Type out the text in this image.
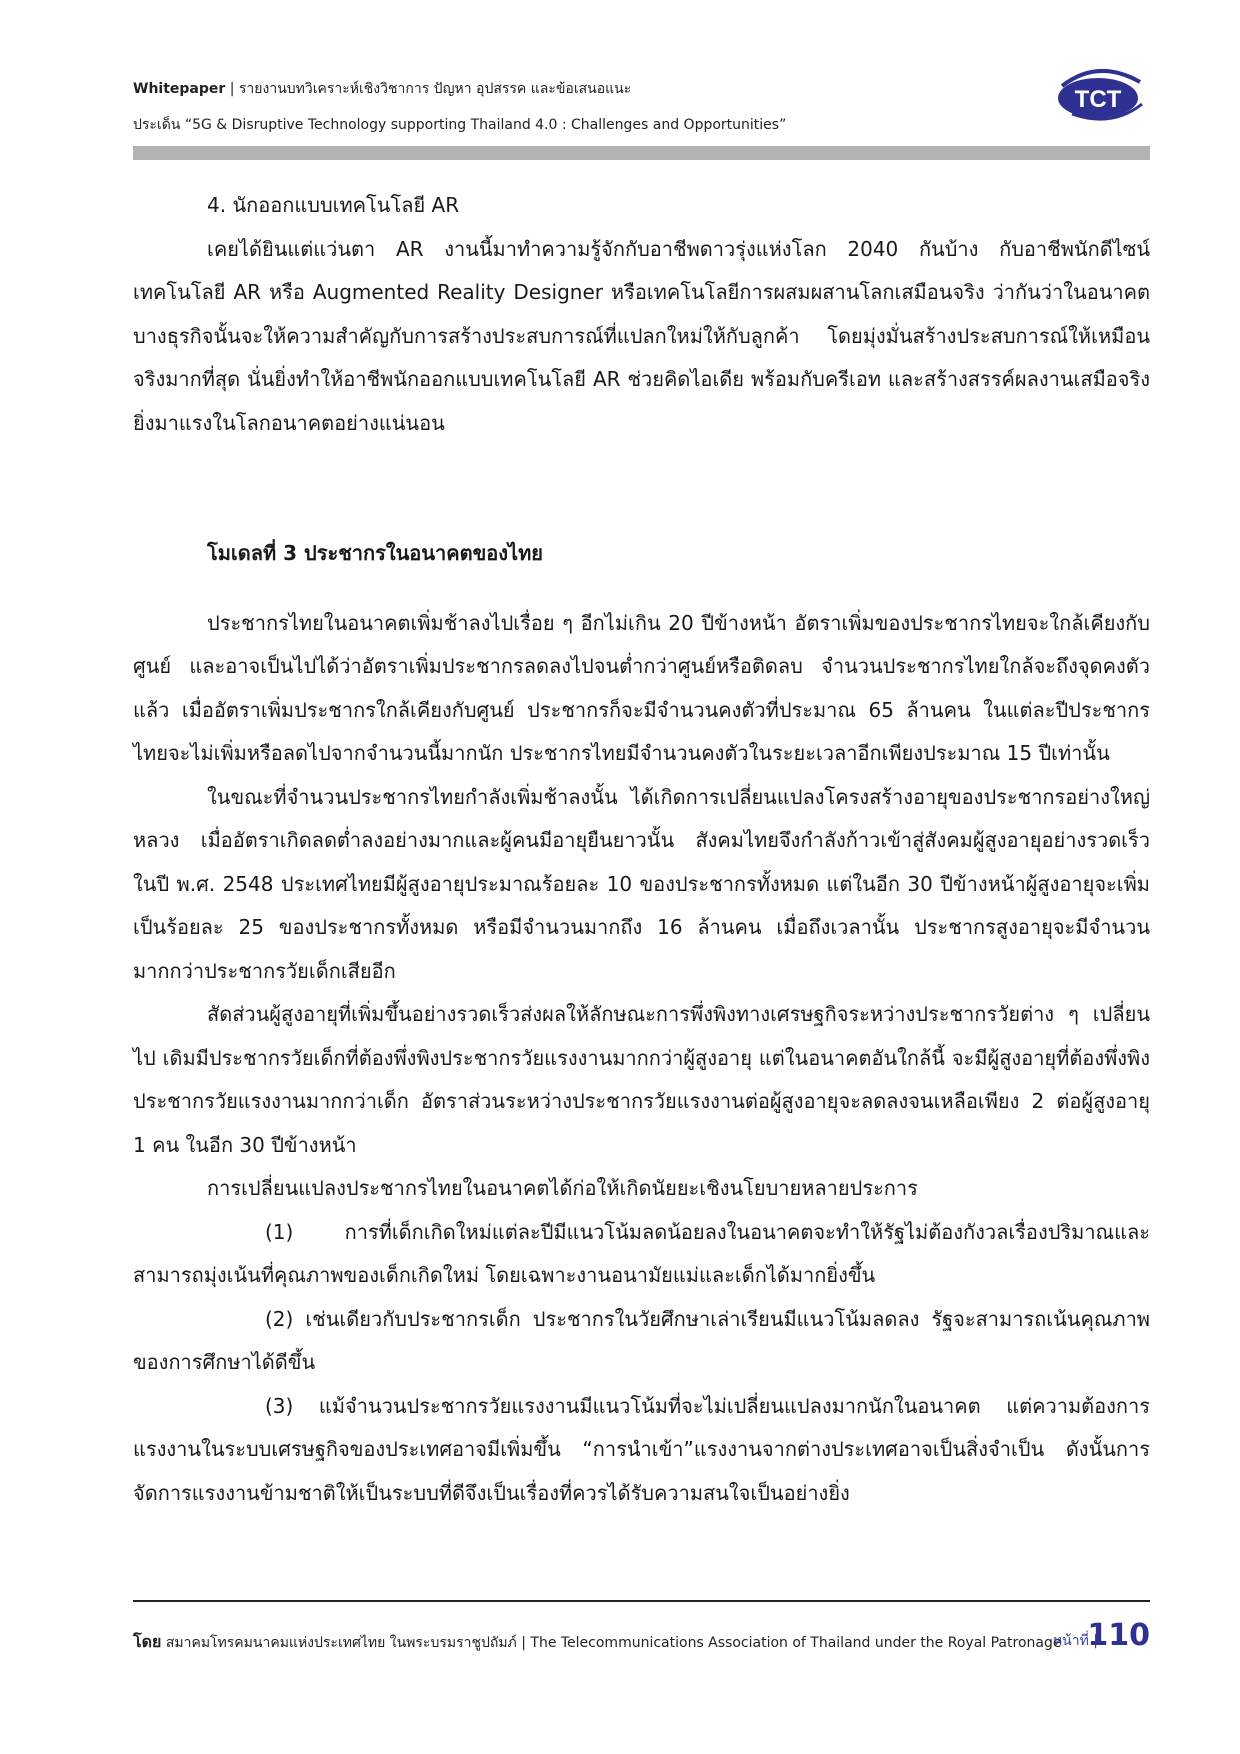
Whitepaper | รายงานบทวิเคราะห์เชิงวิชาการ ปัญหา อุปสรรค และข้อเสนอแนะ
ประเด็น “5G & Disruptive Technology supporting Thailand 4.0 : Challenges and Opportunities”
TCT

4. นักออกแบบเทคโนโลยี AR

เคยได้ยินแต่แว่นตา AR งานนี้มาทำความรู้จักกับอาชีพดาวรุ่งแห่งโลก 2040 กันบ้าง กับอาชีพนักดีไซน์เทคโนโลยี AR หรือ Augmented Reality Designer หรือเทคโนโลยีการผสมผสานโลกเสมือนจริง ว่ากันว่าในอนาคตบางธุรกิจนั้นจะให้ความสำคัญกับการสร้างประสบการณ์ที่แปลกใหม่ให้กับลูกค้า โดยมุ่งมั่นสร้างประสบการณ์ให้เหมือนจริงมากที่สุด นั่นยิ่งทำให้อาชีพนักออกแบบเทคโนโลยี AR ช่วยคิดไอเดีย พร้อมกับครีเอท และสร้างสรรค์ผลงานเสมือจริง ยิ่งมาแรงในโลกอนาคตอย่างแน่นอน

โมเดลที่ 3 ประชากรในอนาคตของไทย

ประชากรไทยในอนาคตเพิ่มช้าลงไปเรื่อย ๆ อีกไม่เกิน 20 ปีข้างหน้า อัตราเพิ่มของประชากรไทยจะใกล้เคียงกับศูนย์ และอาจเป็นไปได้ว่าอัตราเพิ่มประชากรลดลงไปจนต่ำกว่าศูนย์หรือติดลบ จำนวนประชากรไทยใกล้จะถึงจุดคงตัวแล้ว เมื่ออัตราเพิ่มประชากรใกล้เคียงกับศูนย์ ประชากรก็จะมีจำนวนคงตัวที่ประมาณ 65 ล้านคน ในแต่ละปีประชากรไทยจะไม่เพิ่มหรือลดไปจากจำนวนนี้มากนัก ประชากรไทยมีจำนวนคงตัวในระยะเวลาอีกเพียงประมาณ 15 ปีเท่านั้น

ในขณะที่จำนวนประชากรไทยกำลังเพิ่มช้าลงนั้น ได้เกิดการเปลี่ยนแปลงโครงสร้างอายุของประชากรอย่างใหญ่หลวง เมื่ออัตราเกิดลดต่ำลงอย่างมากและผู้คนมีอายุยืนยาวนั้น สังคมไทยจึงกำลังก้าวเข้าสู่สังคมผู้สูงอายุอย่างรวดเร็ว ในปี พ.ศ. 2548 ประเทศไทยมีผู้สูงอายุประมาณร้อยละ 10 ของประชากรทั้งหมด แต่ในอีก 30 ปีข้างหน้าผู้สูงอายุจะเพิ่มเป็นร้อยละ 25 ของประชากรทั้งหมด หรือมีจำนวนมากถึง 16 ล้านคน เมื่อถึงเวลานั้น ประชากรสูงอายุจะมีจำนวนมากกว่าประชากรวัยเด็กเสียอีก

สัดส่วนผู้สูงอายุที่เพิ่มขึ้นอย่างรวดเร็วส่งผลให้ลักษณะการพึ่งพิงทางเศรษฐกิจระหว่างประชากรวัยต่าง ๆ เปลี่ยนไป เดิมมีประชากรวัยเด็กที่ต้องพึ่งพิงประชากรวัยแรงงานมากกว่าผู้สูงอายุ แต่ในอนาคตอันใกล้นี้ จะมีผู้สูงอายุที่ต้องพึ่งพิงประชากรวัยแรงงานมากกว่าเด็ก อัตราส่วนระหว่างประชากรวัยแรงงานต่อผู้สูงอายุจะลดลงจนเหลือเพียง 2 ต่อผู้สูงอายุ 1 คน ในอีก 30 ปีข้างหน้า

การเปลี่ยนแปลงประชากรไทยในอนาคตได้ก่อให้เกิดนัยยะเชิงนโยบายหลายประการ

(1) การที่เด็กเกิดใหม่แต่ละปีมีแนวโน้มลดน้อยลงในอนาคตจะทำให้รัฐไม่ต้องกังวลเรื่องปริมาณและสามารถมุ่งเน้นที่คุณภาพของเด็กเกิดใหม่ โดยเฉพาะงานอนามัยแม่และเด็กได้มากยิ่งขึ้น

(2) เช่นเดียวกับประชากรเด็ก ประชากรในวัยศึกษาเล่าเรียนมีแนวโน้มลดลง รัฐจะสามารถเน้นคุณภาพของการศึกษาได้ดีขึ้น

(3) แม้จำนวนประชากรวัยแรงงานมีแนวโน้มที่จะไม่เปลี่ยนแปลงมากนักในอนาคต แต่ความต้องการแรงงานในระบบเศรษฐกิจของประเทศอาจมีเพิ่มขึ้น “การนำเข้า”แรงงานจากต่างประเทศอาจเป็นสิ่งจำเป็น ดังนั้นการจัดการแรงงานข้ามชาติให้เป็นระบบที่ดีจึงเป็นเรื่องที่ควรได้รับความสนใจเป็นอย่างยิ่ง

โดย สมาคมโทรคมนาคมแห่งประเทศไทย ในพระบรมราชูปถัมภ์ | The Telecommunications Association of Thailand under the Royal Patronage
หน้าที่ |
110
